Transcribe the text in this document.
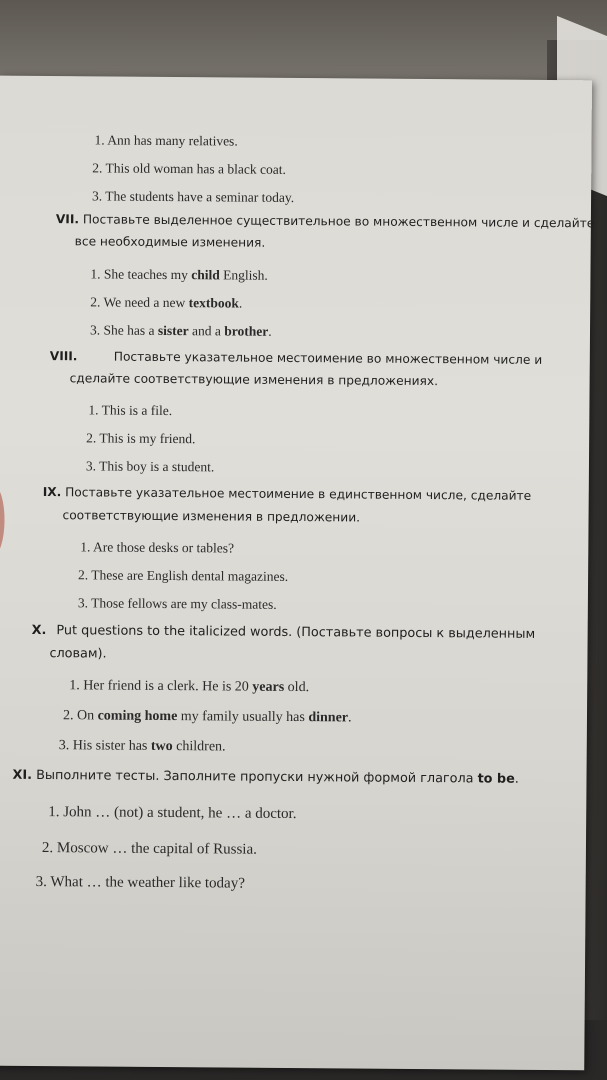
1. Ann has many relatives.
2. This old woman has a black coat.
3. The students have a seminar today.
VII. Поставьте выделенное существительное во множественном числе и сделайте
все необходимые изменения.
1. She teaches my child English.
2. We need a new textbook.
3. She has a sister and a brother.
VIII.	Поставьте указательное местоимение во множественном числе и
сделайте соответствующие изменения в предложениях.
1. This is a file.
2. This is my friend.
3. This boy is a student.
IX. Поставьте указательное местоимение в единственном числе, сделайте
соответствующие изменения в предложении.
1. Are those desks or tables?
2. These are English dental magazines.
3. Those fellows are my class-mates.
X. Put questions to the italicized words. (Поставьте вопросы к выделенным
словам).
1. Her friend is a clerk. He is 20 years old.
2. On coming home my family usually has dinner.
3. His sister has two children.
XI. Выполните тесты. Заполните пропуски нужной формой глагола to be.
1. John … (not) a student, he … a doctor.
2. Moscow … the capital of Russia.
3. What … the weather like today?
